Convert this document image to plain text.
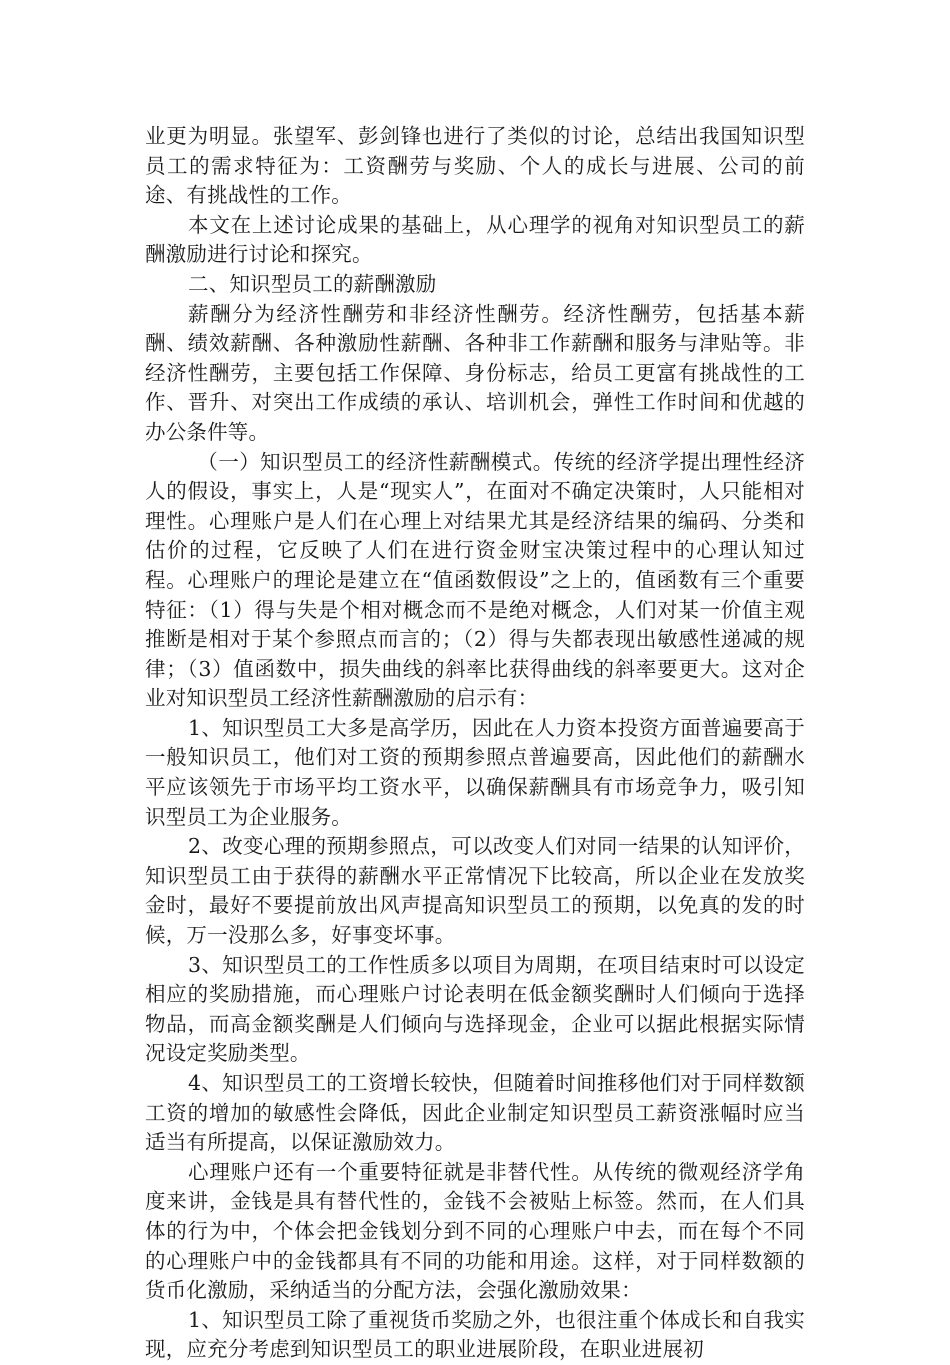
业更为明显。张望军、彭剑锋也进行了类似的讨论，总结出我国知识型员工的需求特征为：工资酬劳与奖励、个人的成长与进展、公司的前途、有挑战性的工作。

本文在上述讨论成果的基础上，从心理学的视角对知识型员工的薪酬激励进行讨论和探究。

二、知识型员工的薪酬激励

薪酬分为经济性酬劳和非经济性酬劳。经济性酬劳，包括基本薪酬、绩效薪酬、各种激励性薪酬、各种非工作薪酬和服务与津贴等。非经济性酬劳，主要包括工作保障、身份标志，给员工更富有挑战性的工作、晋升、对突出工作成绩的承认、培训机会，弹性工作时间和优越的办公条件等。

（一）知识型员工的经济性薪酬模式。传统的经济学提出理性经济人的假设，事实上，人是“现实人”，在面对不确定决策时，人只能相对理性。心理账户是人们在心理上对结果尤其是经济结果的编码、分类和估价的过程，它反映了人们在进行资金财宝决策过程中的心理认知过程。心理账户的理论是建立在“值函数假设”之上的，值函数有三个重要特征：（1）得与失是个相对概念而不是绝对概念，人们对某一价值主观推断是相对于某个参照点而言的；（2）得与失都表现出敏感性递减的规律；（3）值函数中，损失曲线的斜率比获得曲线的斜率要更大。这对企业对知识型员工经济性薪酬激励的启示有：

1、知识型员工大多是高学历，因此在人力资本投资方面普遍要高于一般知识员工，他们对工资的预期参照点普遍要高，因此他们的薪酬水平应该领先于市场平均工资水平，以确保薪酬具有市场竞争力，吸引知识型员工为企业服务。

2、改变心理的预期参照点，可以改变人们对同一结果的认知评价，知识型员工由于获得的薪酬水平正常情况下比较高，所以企业在发放奖金时，最好不要提前放出风声提高知识型员工的预期，以免真的发的时候，万一没那么多，好事变坏事。

3、知识型员工的工作性质多以项目为周期，在项目结束时可以设定相应的奖励措施，而心理账户讨论表明在低金额奖酬时人们倾向于选择物品，而高金额奖酬是人们倾向与选择现金，企业可以据此根据实际情况设定奖励类型。

4、知识型员工的工资增长较快，但随着时间推移他们对于同样数额工资的增加的敏感性会降低，因此企业制定知识型员工薪资涨幅时应当适当有所提高，以保证激励效力。

心理账户还有一个重要特征就是非替代性。从传统的微观经济学角度来讲，金钱是具有替代性的，金钱不会被贴上标签。然而，在人们具体的行为中，个体会把金钱划分到不同的心理账户中去，而在每个不同的心理账户中的金钱都具有不同的功能和用途。这样，对于同样数额的货币化激励，采纳适当的分配方法，会强化激励效果：

1、知识型员工除了重视货币奖励之外，也很注重个体成长和自我实现，应充分考虑到知识型员工的职业进展阶段，在职业进展初
